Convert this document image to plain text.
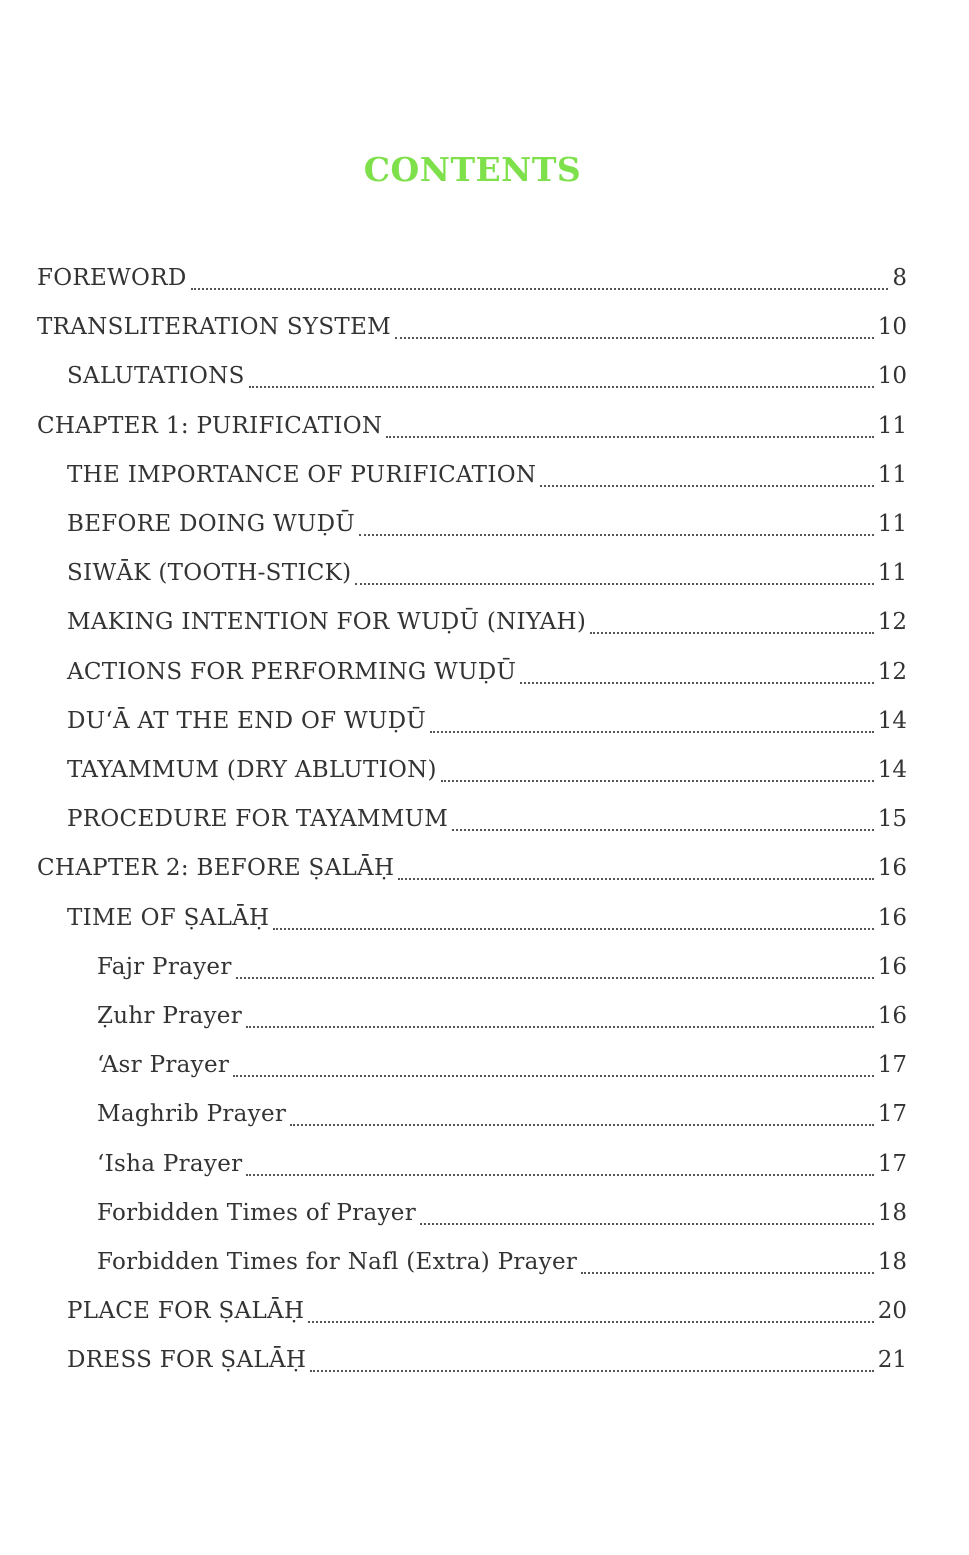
CONTENTS
FOREWORD	8
TRANSLITERATION SYSTEM	10
SALUTATIONS	10
CHAPTER 1: PURIFICATION	11
THE IMPORTANCE OF PURIFICATION	11
BEFORE DOING WUḌŪ	11
SIWĀK (TOOTH-STICK)	11
MAKING INTENTION FOR WUḌŪ (NIYAH)	12
ACTIONS FOR PERFORMING WUḌŪ	12
DU‘Ā AT THE END OF WUḌŪ	14
TAYAMMUM (DRY ABLUTION)	14
PROCEDURE FOR TAYAMMUM	15
CHAPTER 2: BEFORE ṢALĀḤ	16
TIME OF ṢALĀḤ	16
Fajr Prayer	16
Ẓuhr Prayer	16
‘Asr Prayer	17
Maghrib Prayer	17
‘Isha Prayer	17
Forbidden Times of Prayer	18
Forbidden Times for Nafl (Extra) Prayer	18
PLACE FOR ṢALĀḤ	20
DRESS FOR ṢALĀḤ	21
